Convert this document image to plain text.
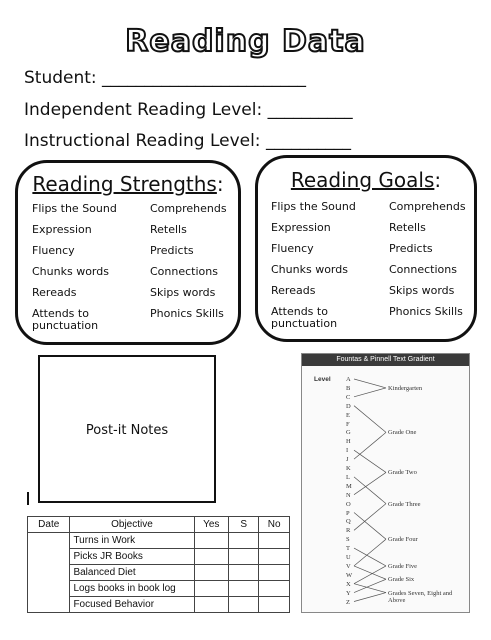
Reading Data
Student: ________________________
Independent Reading Level: __________
Instructional Reading Level: __________
Reading Strengths:
Flips the Sound
Expression
Fluency
Chunks words
Rereads
Attends to
punctuation
Comprehends
Retells
Predicts
Connections
Skips words
Phonics Skills
Reading Goals:
Flips the Sound
Expression
Fluency
Chunks words
Rereads
Attends to
punctuation
Comprehends
Retells
Predicts
Connections
Skips words
Phonics Skills
Post-it Notes
Date	Objective	Yes	S	No
	Turns in Work			
	Picks JR Books			
	Balanced Diet			
	Logs books in book log			
	Focused Behavior			
Fountas & Pinnell Text Gradient
Level A
B
C
D
E
F
G
H
I
J
K
L
M
N
O
P
Q
R
S
T
U
V
W
X
Y
Z
Kindergarten
Grade One
Grade Two
Grade Three
Grade Four
Grade Five
Grade Six
Grades Seven, Eight and Above
